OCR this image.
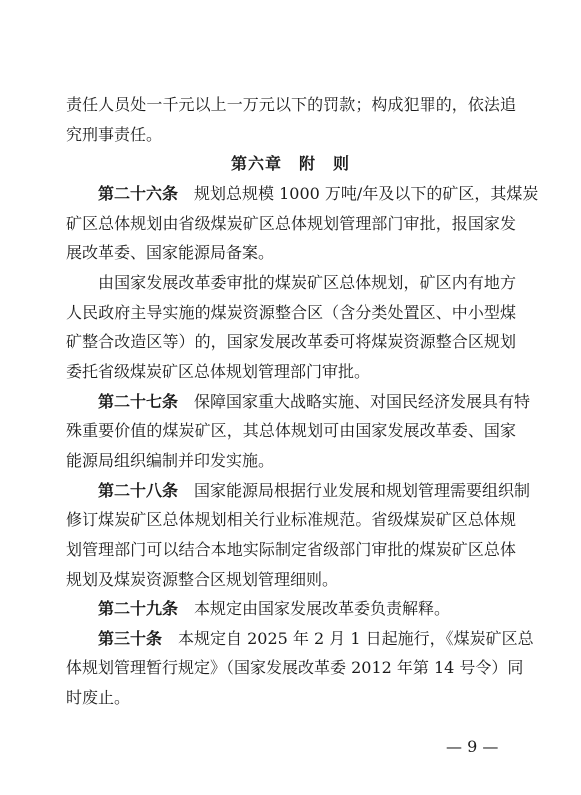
责任人员处一千元以上一万元以下的罚款；构成犯罪的，依法追
究刑事责任。
第六章　附　则
第二十六条　 规划总规模 1000 万吨/年及以下的矿区，其煤炭
矿区总体规划由省级煤炭矿区总体规划管理部门审批，报国家发
展改革委、国家能源局备案。
由国家发展改革委审批的煤炭矿区总体规划，矿区内有地方
人民政府主导实施的煤炭资源整合区（含分类处置区、中小型煤
矿整合改造区等）的，国家发展改革委可将煤炭资源整合区规划
委托省级煤炭矿区总体规划管理部门审批。
第二十七条　 保障国家重大战略实施、对国民经济发展具有特
殊重要价值的煤炭矿区，其总体规划可由国家发展改革委、国家
能源局组织编制并印发实施。
第二十八条　 国家能源局根据行业发展和规划管理需要组织制
修订煤炭矿区总体规划相关行业标准规范。省级煤炭矿区总体规
划管理部门可以结合本地实际制定省级部门审批的煤炭矿区总体
规划及煤炭资源整合区规划管理细则。
第二十九条　 本规定由国家发展改革委负责解释。
第三十条　 本规定自 2025 年 2 月 1 日起施行，《煤炭矿区总
体规划管理暂行规定》（国家发展改革委 2012 年第 14 号令）同
时废止。
— 9 —
